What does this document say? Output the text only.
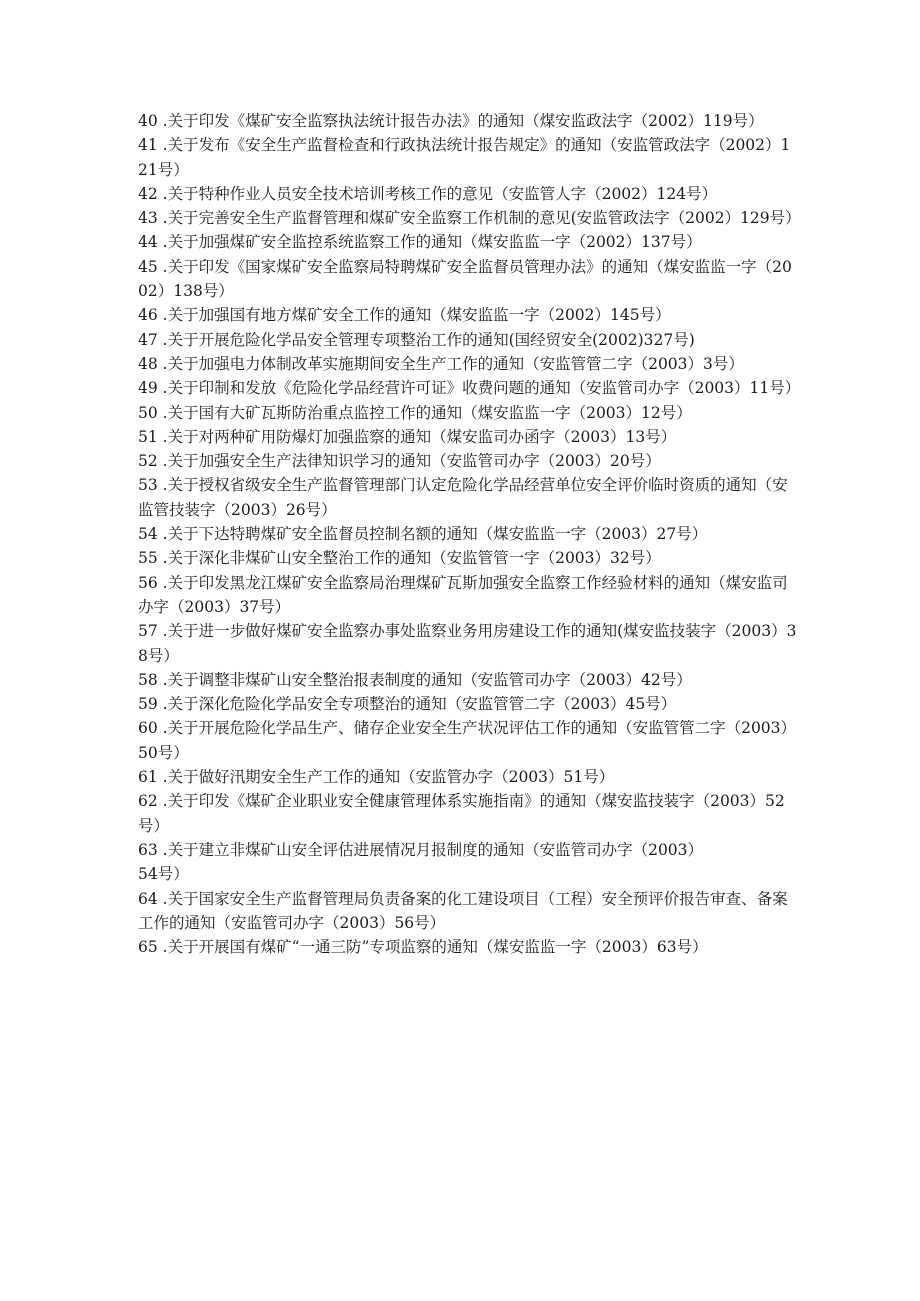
40 .关于印发《煤矿安全监察执法统计报告办法》的通知（煤安监政法字（2002）119号）
41 .关于发布《安全生产监督检查和行政执法统计报告规定》的通知（安监管政法字（2002）121号）
42 .关于特种作业人员安全技术培训考核工作的意见（安监管人字（2002）124号）
43 .关于完善安全生产监督管理和煤矿安全监察工作机制的意见(安监管政法字（2002）129号）
44 .关于加强煤矿安全监控系统监察工作的通知（煤安监监一字（2002）137号）
45 .关于印发《国家煤矿安全监察局特聘煤矿安全监督员管理办法》的通知（煤安监监一字（2002）138号）
46 .关于加强国有地方煤矿安全工作的通知（煤安监监一字（2002）145号）
47 .关于开展危险化学品安全管理专项整治工作的通知(国经贸安全(2002)327号)
48 .关于加强电力体制改革实施期间安全生产工作的通知（安监管管二字（2003）3号）
49 .关于印制和发放《危险化学品经营许可证》收费问题的通知（安监管司办字（2003）11号）
50 .关于国有大矿瓦斯防治重点监控工作的通知（煤安监监一字（2003）12号）
51 .关于对两种矿用防爆灯加强监察的通知（煤安监司办函字（2003）13号）
52 .关于加强安全生产法律知识学习的通知（安监管司办字（2003）20号）
53 .关于授权省级安全生产监督管理部门认定危险化学品经营单位安全评价临时资质的通知（安监管技装字（2003）26号）
54 .关于下达特聘煤矿安全监督员控制名额的通知（煤安监监一字（2003）27号）
55 .关于深化非煤矿山安全整治工作的通知（安监管管一字（2003）32号）
56 .关于印发黑龙江煤矿安全监察局治理煤矿瓦斯加强安全监察工作经验材料的通知（煤安监司办字（2003）37号）
57 .关于进一步做好煤矿安全监察办事处监察业务用房建设工作的通知(煤安监技装字（2003）38号）
58 .关于调整非煤矿山安全整治报表制度的通知（安监管司办字（2003）42号）
59 .关于深化危险化学品安全专项整治的通知（安监管管二字（2003）45号）
60 .关于开展危险化学品生产、储存企业安全生产状况评估工作的通知（安监管管二字（2003）50号）
61 .关于做好汛期安全生产工作的通知（安监管办字（2003）51号）
62 .关于印发《煤矿企业职业安全健康管理体系实施指南》的通知（煤安监技装字（2003）52号）
63 .关于建立非煤矿山安全评估进展情况月报制度的通知（安监管司办字（2003）
54号）
64 .关于国家安全生产监督管理局负责备案的化工建设项目（工程）安全预评价报告审查、备案工作的通知（安监管司办字（2003）56号）
65 .关于开展国有煤矿“一通三防”专项监察的通知（煤安监监一字（2003）63号）
